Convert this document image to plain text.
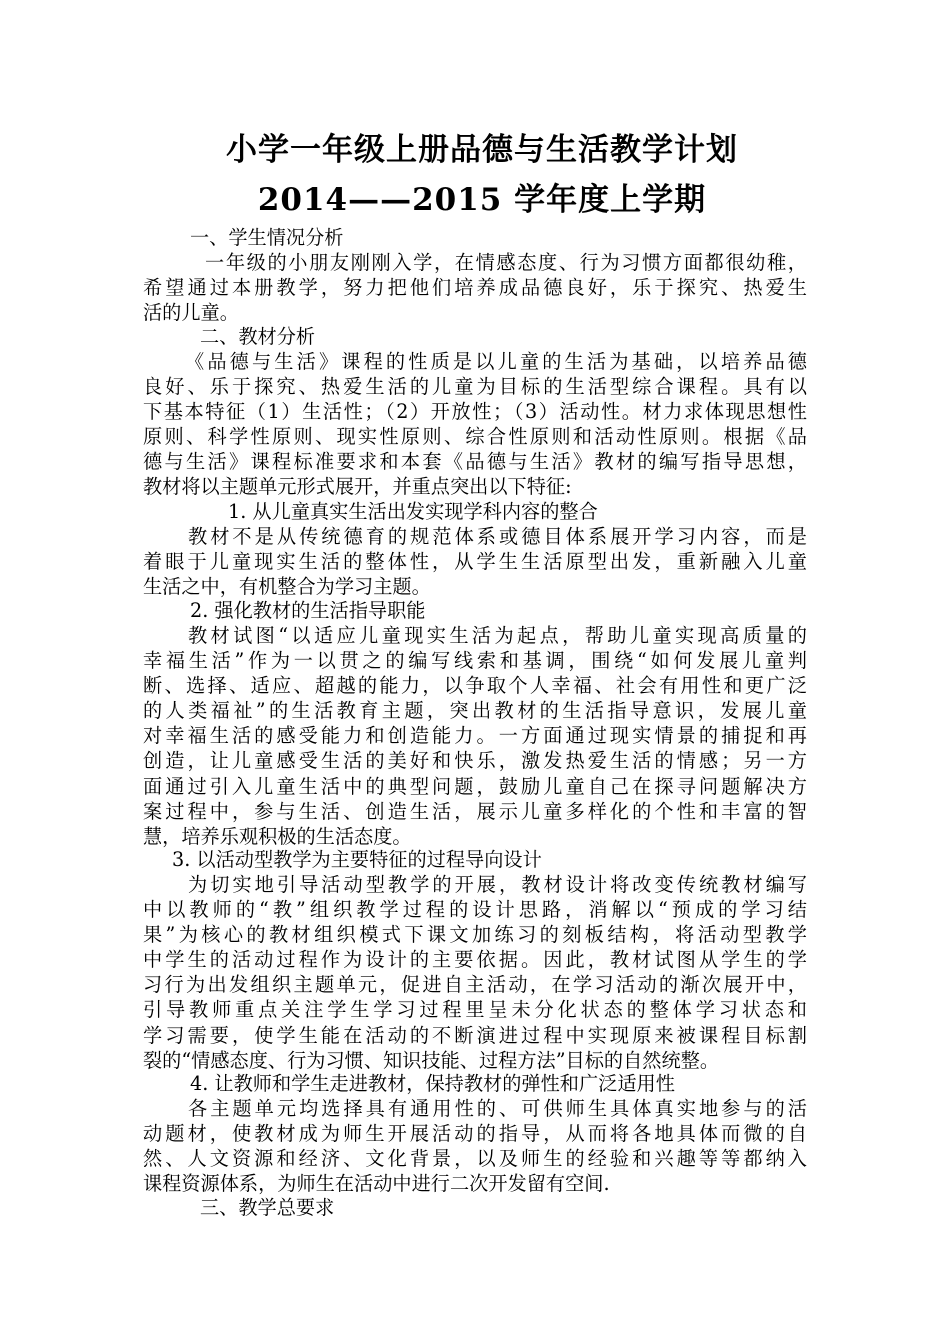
小学一年级上册品德与生活教学计划
2014——2015 学年度上学期
一、学生情况分析
一年级的小朋友刚刚入学，在情感态度、行为习惯方面都很幼稚，
希望通过本册教学，努力把他们培养成品德良好，乐于探究、热爱生
活的儿童。
二、教材分析
《品德与生活》课程的性质是以儿童的生活为基础，以培养品德
良好、乐于探究、热爱生活的儿童为目标的生活型综合课程。具有以
下基本特征（1）生活性；（2）开放性；（3）活动性。材力求体现思想性
原则、科学性原则、现实性原则、综合性原则和活动性原则。根据《品
德与生活》课程标准要求和本套《品德与生活》教材的编写指导思想，
教材将以主题单元形式展开，并重点突出以下特征:
1. 从儿童真实生活出发实现学科内容的整合
教材不是从传统德育的规范体系或德目体系展开学习内容，而是
着眼于儿童现实生活的整体性，从学生生活原型出发，重新融入儿童
生活之中，有机整合为学习主题。
2. 强化教材的生活指导职能
教材试图“以适应儿童现实生活为起点，帮助儿童实现高质量的
幸福生活”作为一以贯之的编写线索和基调，围绕“如何发展儿童判
断、选择、适应、超越的能力，以争取个人幸福、社会有用性和更广泛
的人类福祉”的生活教育主题，突出教材的生活指导意识，发展儿童
对幸福生活的感受能力和创造能力。一方面通过现实情景的捕捉和再
创造，让儿童感受生活的美好和快乐，激发热爱生活的情感；另一方
面通过引入儿童生活中的典型问题，鼓励儿童自己在探寻问题解决方
案过程中，参与生活、创造生活，展示儿童多样化的个性和丰富的智
慧，培养乐观积极的生活态度。
3. 以活动型教学为主要特征的过程导向设计
为切实地引导活动型教学的开展，教材设计将改变传统教材编写
中以教师的“教”组织教学过程的设计思路，消解以“预成的学习结
果”为核心的教材组织模式下课文加练习的刻板结构，将活动型教学
中学生的活动过程作为设计的主要依据。因此，教材试图从学生的学
习行为出发组织主题单元，促进自主活动，在学习活动的渐次展开中，
引导教师重点关注学生学习过程里呈未分化状态的整体学习状态和
学习需要，使学生能在活动的不断演进过程中实现原来被课程目标割
裂的“情感态度、行为习惯、知识技能、过程方法”目标的自然统整。
4. 让教师和学生走进教材，保持教材的弹性和广泛适用性
各主题单元均选择具有通用性的、可供师生具体真实地参与的活
动题材，使教材成为师生开展活动的指导，从而将各地具体而微的自
然、人文资源和经济、文化背景，以及师生的经验和兴趣等等都纳入
课程资源体系，为师生在活动中进行二次开发留有空间.
三、教学总要求
